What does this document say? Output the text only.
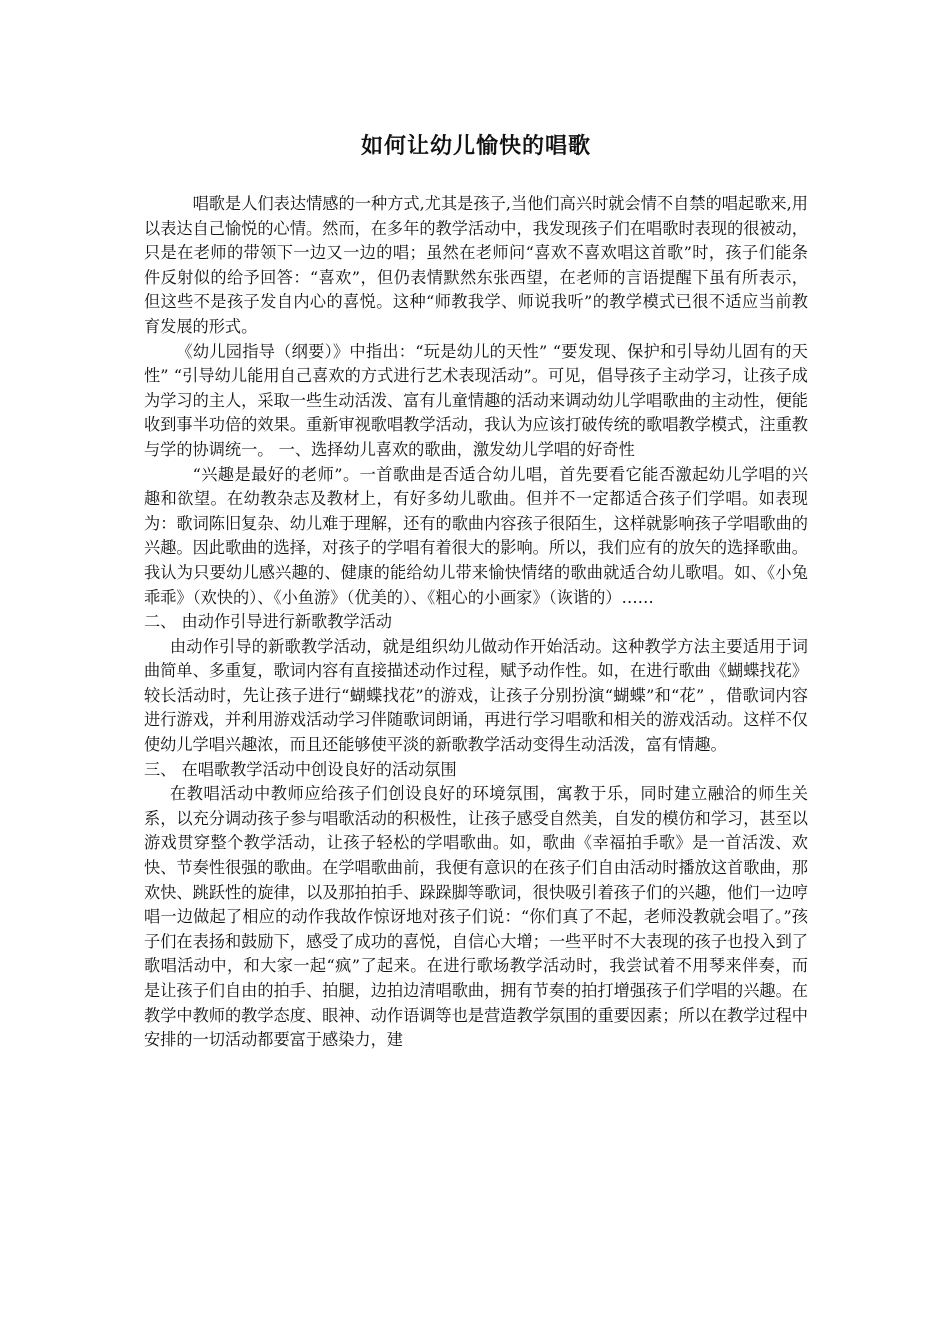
如何让幼儿愉快的唱歌

唱歌是人们表达情感的一种方式,尤其是孩子,当他们高兴时就会情不自禁的唱起歌来,用以表达自己愉悦的心情。然而，在多年的教学活动中，我发现孩子们在唱歌时表现的很被动，只是在老师的带领下一边又一边的唱；虽然在老师问“喜欢不喜欢唱这首歌”时，孩子们能条件反射似的给予回答：“喜欢”，但仍表情默然东张西望，在老师的言语提醒下虽有所表示，但这些不是孩子发自内心的喜悦。这种“师教我学、师说我听”的教学模式已很不适应当前教育发展的形式。

《幼儿园指导（纲要）》中指出：“玩是幼儿的天性” “要发现、保护和引导幼儿固有的天性” “引导幼儿能用自己喜欢的方式进行艺术表现活动”。可见，倡导孩子主动学习，让孩子成为学习的主人，采取一些生动活泼、富有儿童情趣的活动来调动幼儿学唱歌曲的主动性，便能收到事半功倍的效果。重新审视歌唱教学活动，我认为应该打破传统的歌唱教学模式，注重教与学的协调统一。 一、选择幼儿喜欢的歌曲，激发幼儿学唱的好奇性

“兴趣是最好的老师”。一首歌曲是否适合幼儿唱，首先要看它能否激起幼儿学唱的兴趣和欲望。在幼教杂志及教材上，有好多幼儿歌曲。但并不一定都适合孩子们学唱。如表现为：歌词陈旧复杂、幼儿难于理解，还有的歌曲内容孩子很陌生，这样就影响孩子学唱歌曲的兴趣。因此歌曲的选择，对孩子的学唱有着很大的影响。所以，我们应有的放矢的选择歌曲。我认为只要幼儿感兴趣的、健康的能给幼儿带来愉快情绪的歌曲就适合幼儿歌唱。如、《小兔乖乖》（欢快的）、《小鱼游》（优美的）、《粗心的小画家》（诙谐的）……

二、 由动作引导进行新歌教学活动

由动作引导的新歌教学活动，就是组织幼儿做动作开始活动。这种教学方法主要适用于词曲简单、多重复，歌词内容有直接描述动作过程，赋予动作性。如，在进行歌曲《蝴蝶找花》较长活动时，先让孩子进行“蝴蝶找花”的游戏，让孩子分别扮演“蝴蝶”和“花” ，借歌词内容进行游戏，并利用游戏活动学习伴随歌词朗诵，再进行学习唱歌和相关的游戏活动。这样不仅使幼儿学唱兴趣浓，而且还能够使平淡的新歌教学活动变得生动活泼，富有情趣。

三、 在唱歌教学活动中创设良好的活动氛围

在教唱活动中教师应给孩子们创设良好的环境氛围，寓教于乐，同时建立融洽的师生关系，以充分调动孩子参与唱歌活动的积极性，让孩子感受自然美，自发的模仿和学习，甚至以游戏贯穿整个教学活动，让孩子轻松的学唱歌曲。如，歌曲《幸福拍手歌》是一首活泼、欢快、节奏性很强的歌曲。在学唱歌曲前，我便有意识的在孩子们自由活动时播放这首歌曲，那欢快、跳跃性的旋律，以及那拍拍手、跺跺脚等歌词，很快吸引着孩子们的兴趣，他们一边哼唱一边做起了相应的动作我故作惊讶地对孩子们说：“你们真了不起，老师没教就会唱了。”孩子们在表扬和鼓励下，感受了成功的喜悦，自信心大增；一些平时不大表现的孩子也投入到了歌唱活动中，和大家一起“疯”了起来。在进行歌场教学活动时，我尝试着不用琴来伴奏，而是让孩子们自由的拍手、拍腿，边拍边清唱歌曲，拥有节奏的拍打增强孩子们学唱的兴趣。在教学中教师的教学态度、眼神、动作语调等也是营造教学氛围的重要因素；所以在教学过程中安排的一切活动都要富于感染力，建
